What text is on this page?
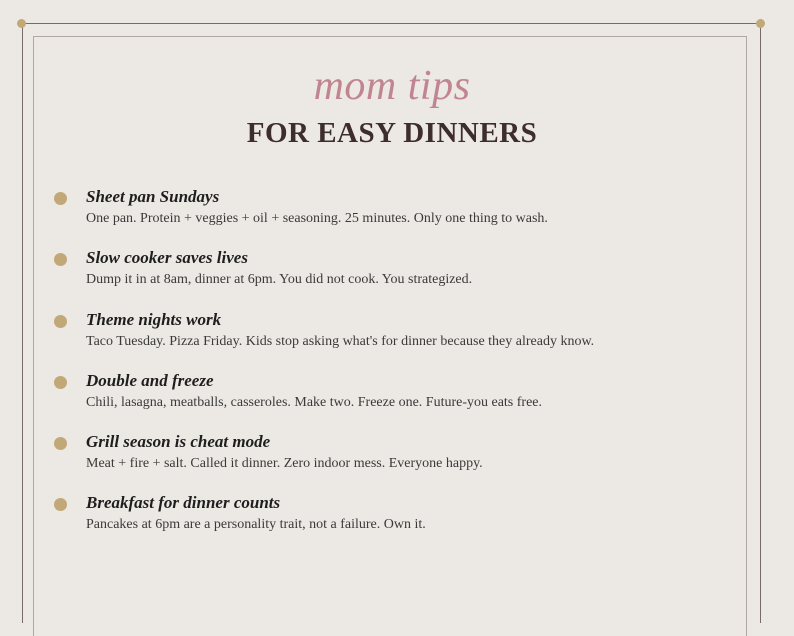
mom tips
FOR EASY DINNERS
Sheet pan Sundays
One pan. Protein + veggies + oil + seasoning. 25 minutes. Only one thing to wash.
Slow cooker saves lives
Dump it in at 8am, dinner at 6pm. You did not cook. You strategized.
Theme nights work
Taco Tuesday. Pizza Friday. Kids stop asking what's for dinner because they already know.
Double and freeze
Chili, lasagna, meatballs, casseroles. Make two. Freeze one. Future-you eats free.
Grill season is cheat mode
Meat + fire + salt. Called it dinner. Zero indoor mess. Everyone happy.
Breakfast for dinner counts
Pancakes at 6pm are a personality trait, not a failure. Own it.
